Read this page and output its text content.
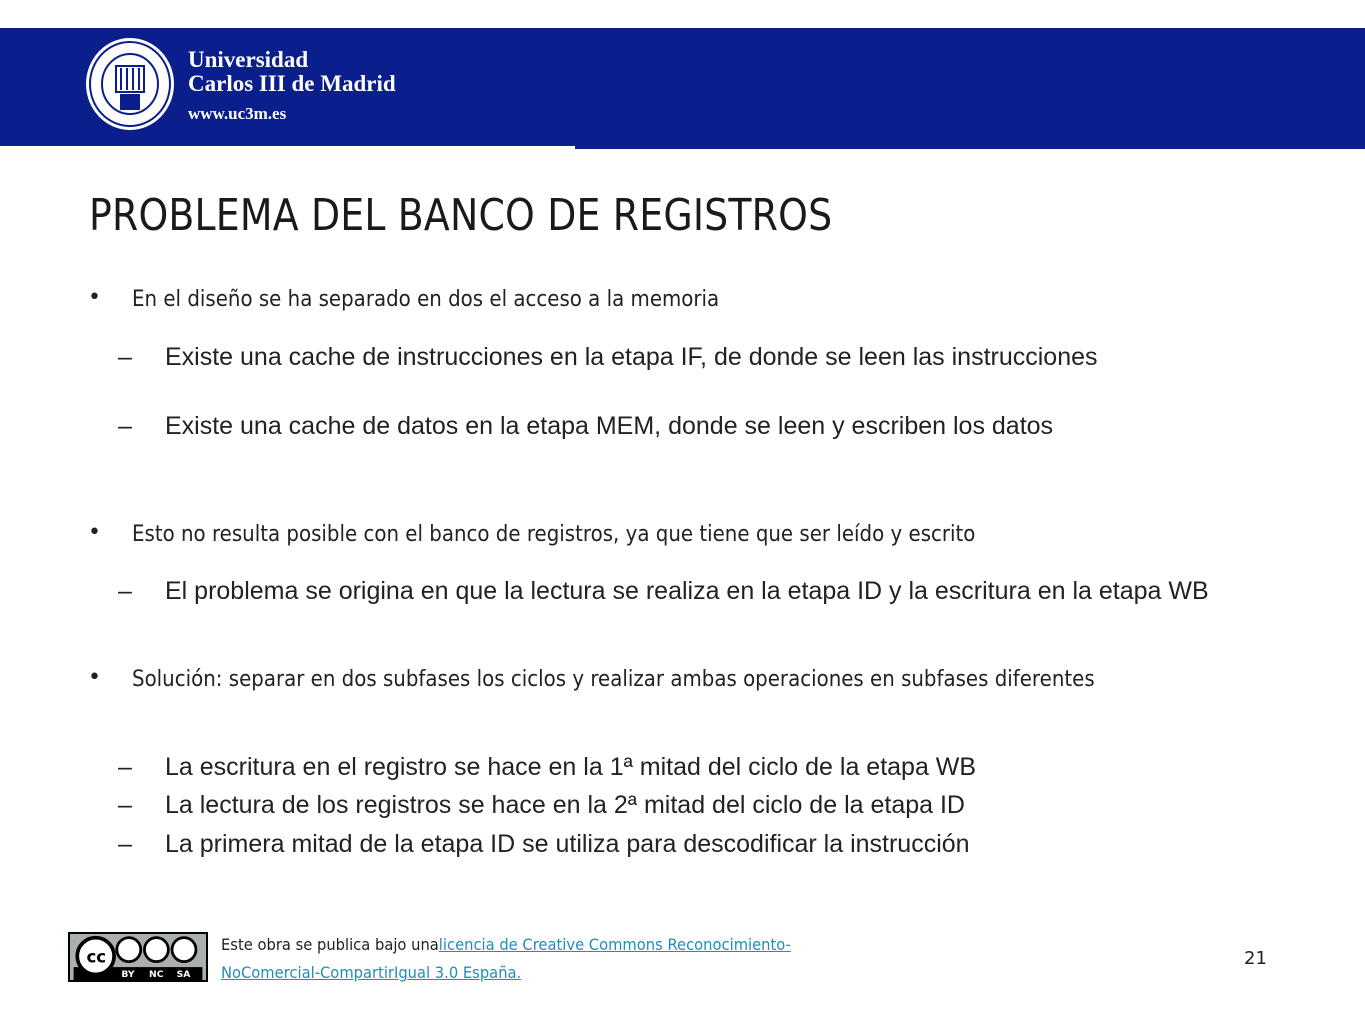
Universidad
Carlos III de Madrid
www.uc3m.es
PROBLEMA DEL BANCO DE REGISTROS
• En el diseño se ha separado en dos el acceso a la memoria
– Existe una cache de instrucciones en la etapa IF, de donde se leen las instrucciones
– Existe una cache de datos en la etapa MEM, donde se leen y escriben los datos
• Esto no resulta posible con el banco de registros, ya que tiene que ser leído y escrito
– El problema se origina en que la lectura se realiza en la etapa ID y la escritura en la etapa WB
• Solución: separar en dos subfases los ciclos y realizar ambas operaciones en subfases diferentes
– La escritura en el registro se hace en la 1ª mitad del ciclo de la etapa WB
– La lectura de los registros se hace en la 2ª mitad del ciclo de la etapa ID
– La primera mitad de la etapa ID se utiliza para descodificar la instrucción
cc
BY NC SA
Este obra se publica bajo unalicencia de Creative Commons Reconocimiento-
NoComercial-CompartirIgual 3.0 España.
21
